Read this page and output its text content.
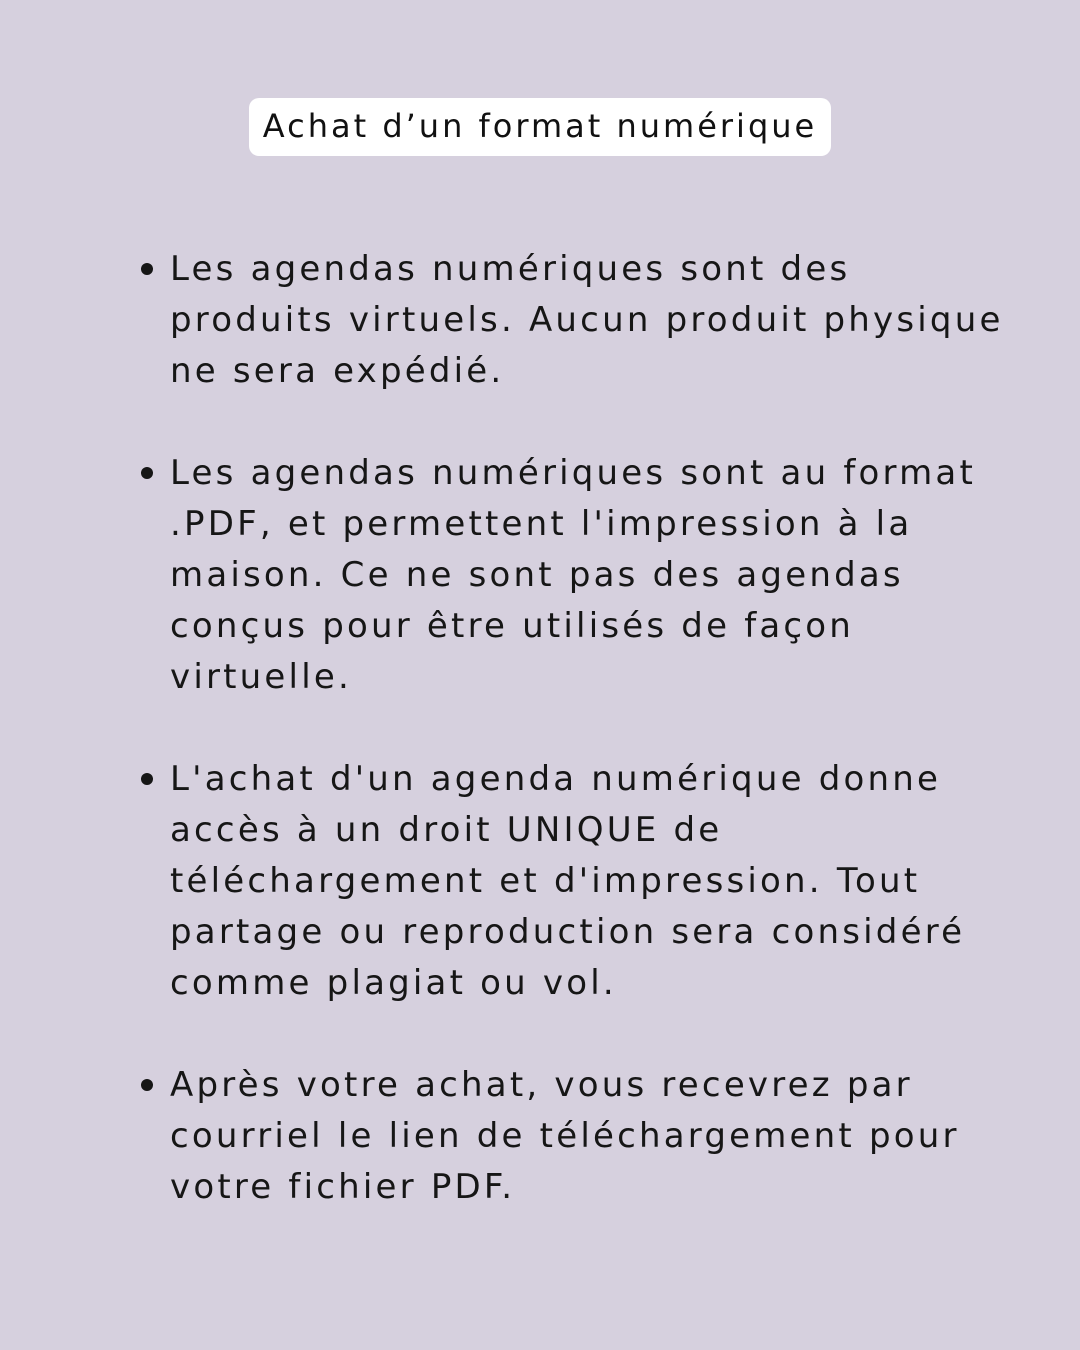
Achat d’un format numérique
Les agendas numériques sont des produits virtuels. Aucun produit physique ne sera expédié.
Les agendas numériques sont au format .PDF, et permettent l'impression à la maison. Ce ne sont pas des agendas conçus pour être utilisés de façon virtuelle.
L'achat d'un agenda numérique donne accès à un droit UNIQUE de téléchargement et d'impression. Tout partage ou reproduction sera considéré comme plagiat ou vol.
Après votre achat, vous recevrez par courriel le lien de téléchargement pour votre fichier PDF.
